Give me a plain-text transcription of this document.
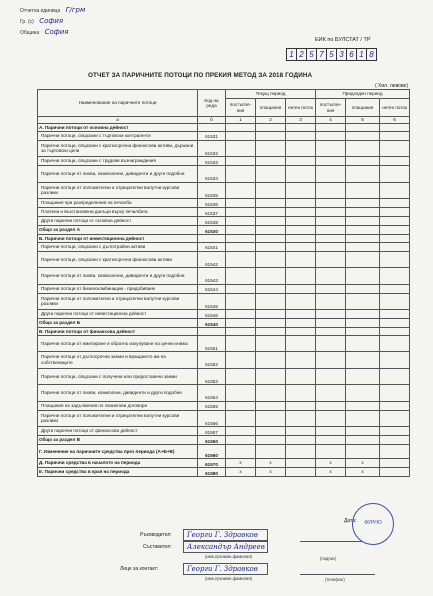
Отчетна единица Г/грм
Гр. (с) София
Община София
ЕИК по БУЛСТАТ / ТР
1 2 5 7 5 3 6 1 8
ОТЧЕТ ЗА ПАРИЧНИТЕ ПОТОЦИ ПО ПРЕКИЯ МЕТОД ЗА 2018 ГОДИНА
( Хил. левове)
Наименование на паричните потоци	Код на реда	Текущ период			Предходен период		
		постъпле-ния	плащания	нетен поток	постъпле-ния	плащания	нетен поток
а	б	1	2	3	4	5	6
А. Парични потоци от основна дейност							
Парични потоци, свързани с търговски контрагенти	61531						
Парични потоци, свързани с краткосрочни финансови активи, държани за търговски цели	61532						
Парични потоци, свързани с трудови възнаграждения	61533						
Парични потоци от лихви, комисионни, дивиденти и други подобни	61534						
Парични потоци от положителни и отрицателни валутни курсови разлики	61535						
Плащания при разпределения на печалби	61536						
Платени и възстановени данъци върху печалбата	61537						
Други парични потоци от основна дейност	61538						
Общо за раздел А	61530						
Б. Парични потоци от инвестиционна дейност							
Парични потоци, свързани с дълготрайни активи	61541						
Парични потоци, свързани с краткосрочни финансови активи	61542						
Парични потоци от лихви, комисионни, дивиденти и други подобни	61543						
Парични потоци от бизнескомбинации - придобиване	61544						
Парични потоци от положителни и отрицателни валутни курсови разлики	61545						
Други парични потоци от инвестиционна дейност	61546						
Общо за раздел Б	61540						
В. Парични потоци от финансова дейност							
Парични потоци от емитиране и обратно изкупуване на ценни книжа	61551						
Парични потоци от дългосрочни заеми и вращането им на собствениците	61552						
Парични потоци, свързани с получени или предоставени заеми	61553						
Парични потоци от лихви, комисиони, дивиденти и други подобни	61554						
Плащания на задължения по лизингови договори	61555						
Парични потоци от положителни и отрицателни валутни курсови разлики	61556						
Други парични потоци от финансова дейност	61557						
Общо за раздел В	61550						
Г. Изменение на паричните средства през периода (А+Б+В)	61560						
Д. Парични средства в началото на периода	61570	x	x		x	x	
Е. Парични средства в края на периода	61580	x	x		x	x	
Ръководител:	Георги Г. Здравков
Съставител:	Александър Андреев
(име,презиме,фамилия)
Лице за контакт:	Георги Г. Здравков
(име,презиме,фамилия)
(подпис)
(телефон)
Дата:	ФУРНО
